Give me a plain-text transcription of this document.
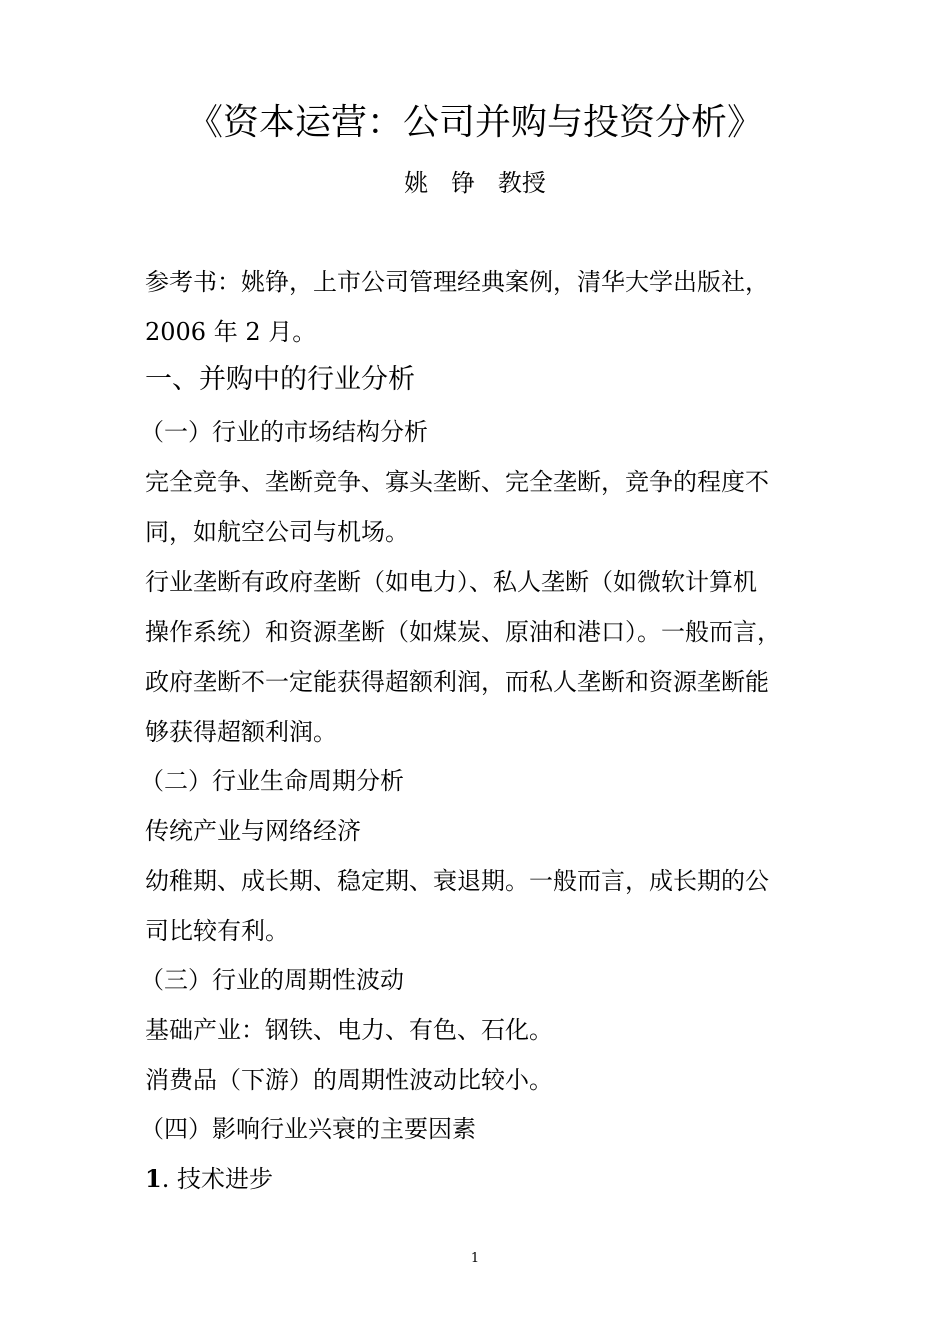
《资本运营：公司并购与投资分析》
姚   铮   教授
参考书：姚铮，上市公司管理经典案例，清华大学出版社，
2006 年 2 月。
一、并购中的行业分析
（一）行业的市场结构分析
完全竞争、垄断竞争、寡头垄断、完全垄断，竞争的程度不
同，如航空公司与机场。
行业垄断有政府垄断（如电力）、私人垄断（如微软计算机
操作系统）和资源垄断（如煤炭、原油和港口）。一般而言，
政府垄断不一定能获得超额利润，而私人垄断和资源垄断能
够获得超额利润。
（二）行业生命周期分析
传统产业与网络经济
幼稚期、成长期、稳定期、衰退期。一般而言，成长期的公
司比较有利。
（三）行业的周期性波动
基础产业：钢铁、电力、有色、石化。
消费品（下游）的周期性波动比较小。
（四）影响行业兴衰的主要因素
1. 技术进步
1
